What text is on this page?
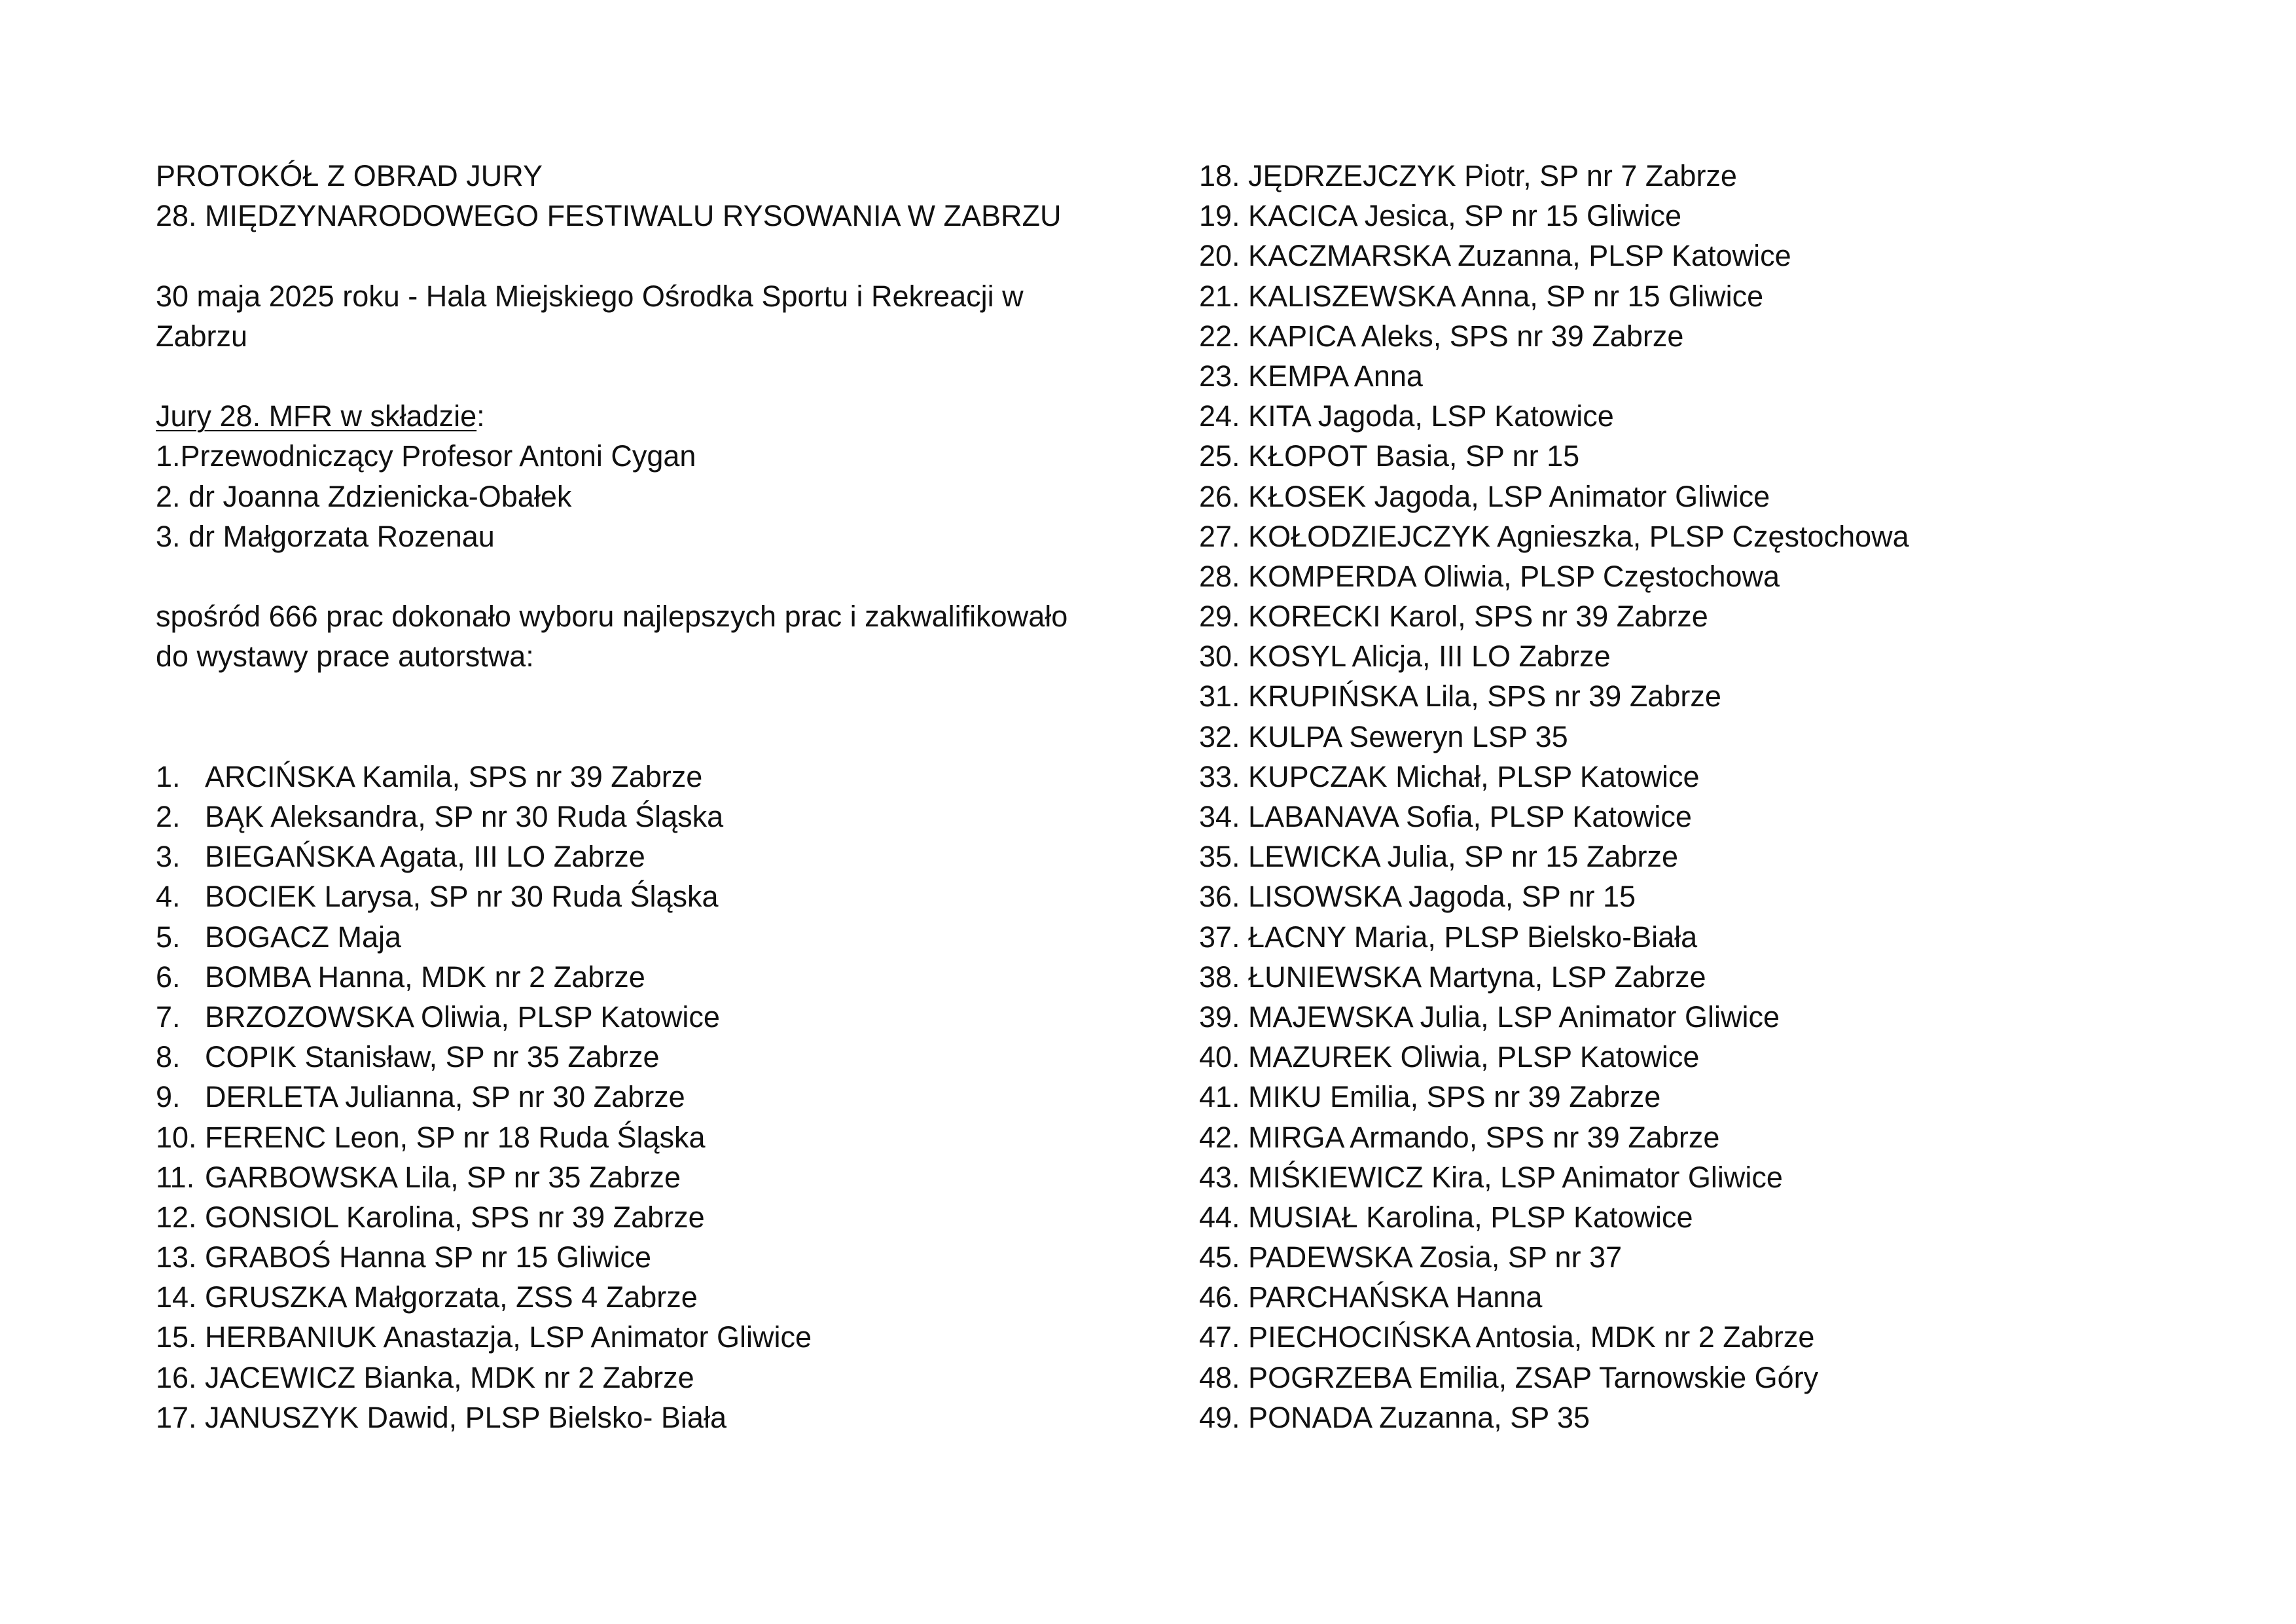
PROTOKÓŁ Z OBRAD JURY
28. MIĘDZYNARODOWEGO FESTIWALU RYSOWANIA W ZABRZU
30 maja 2025 roku - Hala Miejskiego Ośrodka Sportu i Rekreacji w
Zabrzu
Jury 28. MFR w składzie:
1.Przewodniczący Profesor Antoni Cygan
2. dr Joanna Zdzienicka-Obałek
3. dr Małgorzata Rozenau
spośród 666 prac dokonało wyboru najlepszych prac i zakwalifikowało
do wystawy prace autorstwa:
1. ARCIŃSKA Kamila, SPS nr 39 Zabrze
2. BĄK Aleksandra, SP nr 30 Ruda Śląska
3. BIEGAŃSKA Agata, III LO Zabrze
4. BOCIEK Larysa, SP nr 30 Ruda Śląska
5. BOGACZ Maja
6. BOMBA Hanna, MDK nr 2 Zabrze
7. BRZOZOWSKA Oliwia, PLSP Katowice
8. COPIK Stanisław, SP nr 35 Zabrze
9. DERLETA Julianna, SP nr 30 Zabrze
10. FERENC Leon, SP nr 18 Ruda Śląska
11. GARBOWSKA Lila, SP nr 35 Zabrze
12. GONSIOL Karolina, SPS nr 39 Zabrze
13. GRABOŚ Hanna SP nr 15 Gliwice
14. GRUSZKA Małgorzata, ZSS 4 Zabrze
15. HERBANIUK Anastazja, LSP Animator Gliwice
16. JACEWICZ Bianka, MDK nr 2 Zabrze
17. JANUSZYK Dawid, PLSP Bielsko- Biała
18. JĘDRZEJCZYK Piotr, SP nr 7 Zabrze
19. KACICA Jesica, SP nr 15 Gliwice
20. KACZMARSKA Zuzanna, PLSP Katowice
21. KALISZEWSKA Anna, SP nr 15 Gliwice
22. KAPICA Aleks, SPS nr 39 Zabrze
23. KEMPA Anna
24. KITA Jagoda, LSP Katowice
25. KŁOPOT Basia, SP nr 15
26. KŁOSEK Jagoda, LSP Animator Gliwice
27. KOŁODZIEJCZYK Agnieszka, PLSP Częstochowa
28. KOMPERDA Oliwia, PLSP Częstochowa
29. KORECKI Karol, SPS nr 39 Zabrze
30. KOSYL Alicja, III LO Zabrze
31. KRUPIŃSKA Lila, SPS nr 39 Zabrze
32. KULPA Seweryn LSP 35
33. KUPCZAK Michał, PLSP Katowice
34. LABANAVA Sofia, PLSP Katowice
35. LEWICKA Julia, SP nr 15 Zabrze
36. LISOWSKA Jagoda, SP nr 15
37. ŁACNY Maria, PLSP Bielsko-Biała
38. ŁUNIEWSKA Martyna, LSP Zabrze
39. MAJEWSKA Julia, LSP Animator Gliwice
40. MAZUREK Oliwia, PLSP Katowice
41. MIKU Emilia, SPS nr 39 Zabrze
42. MIRGA Armando, SPS nr 39 Zabrze
43. MIŚKIEWICZ Kira, LSP Animator Gliwice
44. MUSIAŁ Karolina, PLSP Katowice
45. PADEWSKA Zosia, SP nr 37
46. PARCHAŃSKA Hanna
47. PIECHOCIŃSKA Antosia, MDK nr 2 Zabrze
48. POGRZEBA Emilia, ZSAP Tarnowskie Góry
49. PONADA Zuzanna, SP 35
